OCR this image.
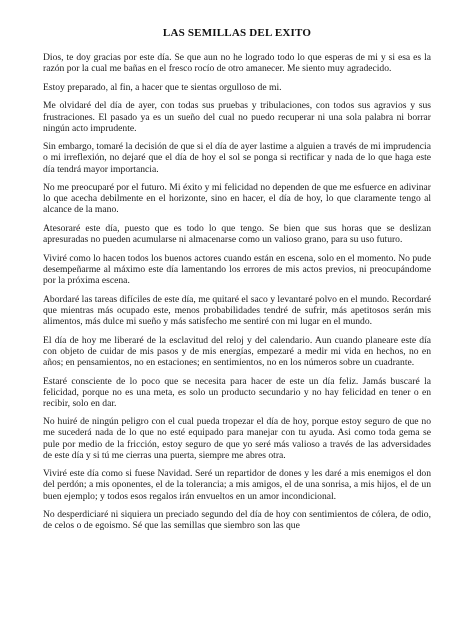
LAS SEMILLAS DEL EXITO

Dios, te doy gracias por este día. Se que aun no he logrado todo lo que esperas de mi y si esa es la razón por la cual me bañas en el fresco rocío de otro amanecer. Me siento muy agradecido.

Estoy preparado, al fin, a hacer que te sientas orgulloso de mi.

Me olvidaré del día de ayer, con todas sus pruebas y tribulaciones, con todos sus agravios y sus frustraciones. El pasado ya es un sueño del cual no puedo recuperar ni una sola palabra ni borrar ningún acto imprudente.

Sin embargo, tomaré la decisión de que si el día de ayer lastime a alguien a través de mi imprudencia o mi irreflexión, no dejaré que el día de hoy el sol se ponga si rectificar y nada de lo que haga este día tendrá mayor importancia.

No me preocuparé por el futuro. Mi éxito y mi felicidad no dependen de que me esfuerce en adivinar lo que acecha debilmente en el horizonte, sino en hacer, el día de hoy, lo que claramente tengo al alcance de la mano.

Atesoraré este día, puesto que es todo lo que tengo. Se bien que sus horas que se deslizan apresuradas no pueden acumularse ni almacenarse como un valioso grano, para su uso futuro.

Viviré como lo hacen todos los buenos actores cuando están en escena, solo en el momento. No pude desempeñarme al máximo este día lamentando los errores de mis actos previos, ni preocupándome por la próxima escena.

Abordaré las tareas difíciles de este día, me quitaré el saco y levantaré polvo en el mundo. Recordaré que mientras más ocupado este, menos probabilidades tendré de sufrir, más apetitosos serán mis alimentos, más dulce mi sueño y más satisfecho me sentiré con mi lugar en el mundo.

El día de hoy me liberaré de la esclavitud del reloj y del calendario. Aun cuando planeare este día con objeto de cuidar de mis pasos y de mis energías, empezaré a medir mi vida en hechos, no en años; en pensamientos, no en estaciones; en sentimientos, no en los números sobre un cuadrante.

Estaré consciente de lo poco que se necesita para hacer de este un día feliz. Jamás buscaré la felicidad, porque no es una meta, es solo un producto secundario y no hay felicidad en tener o en recibir, solo en dar.

No huiré de ningún peligro con el cual pueda tropezar el día de hoy, porque estoy seguro de que no me sucederá nada de lo que no esté equipado para manejar con tu ayuda. Asi como toda gema se pule por medio de la fricción, estoy seguro de que yo seré más valioso a través de las adversidades de este día y si tú me cierras una puerta, siempre me abres otra.

Viviré este día como si fuese Navidad. Seré un repartidor de dones y les daré a mis enemigos el don del perdón; a mis oponentes, el de la tolerancia; a mis amigos, el de una sonrisa, a mis hijos, el de un buen ejemplo; y todos esos regalos irán envueltos en un amor incondicional.

No desperdiciaré ni siquiera un preciado segundo del día de hoy con sentimientos de cólera, de odio, de celos o de egoismo. Sé que las semillas que siembro son las que
